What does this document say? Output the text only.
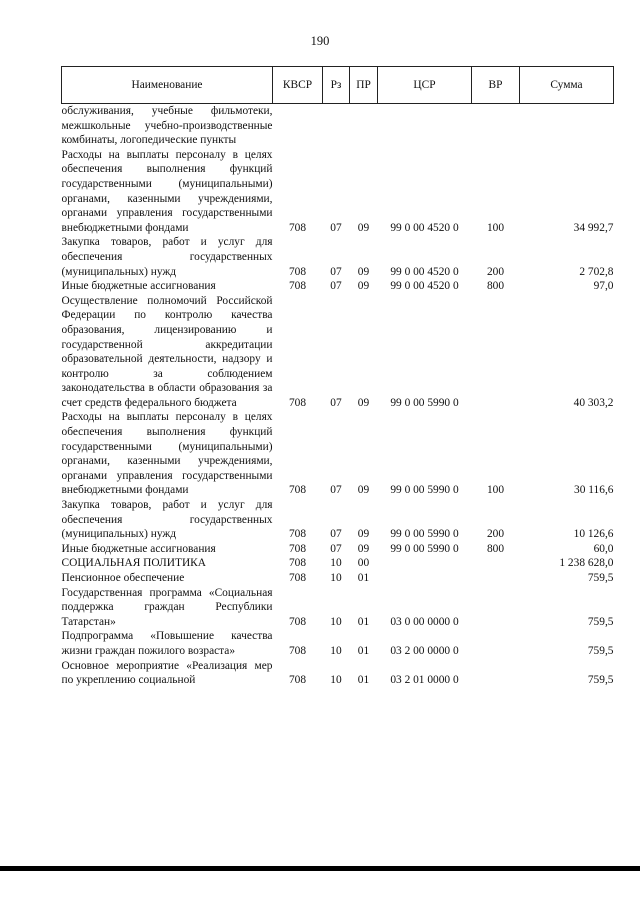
190
Наименование	КВСР	Рз	ПР	ЦСР	ВР	Сумма
обслуживания, учебные фильмотеки, межшкольные учебно-производственные комбинаты, логопедические пункты						
Расходы на выплаты персоналу в целях обеспечения выполнения функций государственными (муниципальными) органами, казенными учреждениями, органами управления государственными внебюджетными фондами	708	07	09	99 0 00 4520 0	100	34 992,7
Закупка товаров, работ и услуг для обеспечения государственных (муниципальных) нужд	708	07	09	99 0 00 4520 0	200	2 702,8
Иные бюджетные ассигнования	708	07	09	99 0 00 4520 0	800	97,0
Осуществление полномочий Российской Федерации по контролю качества образования, лицензированию и государственной аккредитации образовательной деятельности, надзору и контролю за соблюдением законодательства в области образования за счет средств федерального бюджета	708	07	09	99 0 00 5990 0		40 303,2
Расходы на выплаты персоналу в целях обеспечения выполнения функций государственными (муниципальными) органами, казенными учреждениями, органами управления государственными внебюджетными фондами	708	07	09	99 0 00 5990 0	100	30 116,6
Закупка товаров, работ и услуг для обеспечения государственных (муниципальных) нужд	708	07	09	99 0 00 5990 0	200	10 126,6
Иные бюджетные ассигнования	708	07	09	99 0 00 5990 0	800	60,0
СОЦИАЛЬНАЯ ПОЛИТИКА	708	10	00			1 238 628,0
Пенсионное обеспечение	708	10	01			759,5
Государственная программа «Социальная поддержка граждан Республики Татарстан»	708	10	01	03 0 00 0000 0		759,5
Подпрограмма «Повышение качества жизни граждан пожилого возраста»	708	10	01	03 2 00 0000 0		759,5
Основное мероприятие «Реализация мер по укреплению социальной	708	10	01	03 2 01 0000 0		759,5
